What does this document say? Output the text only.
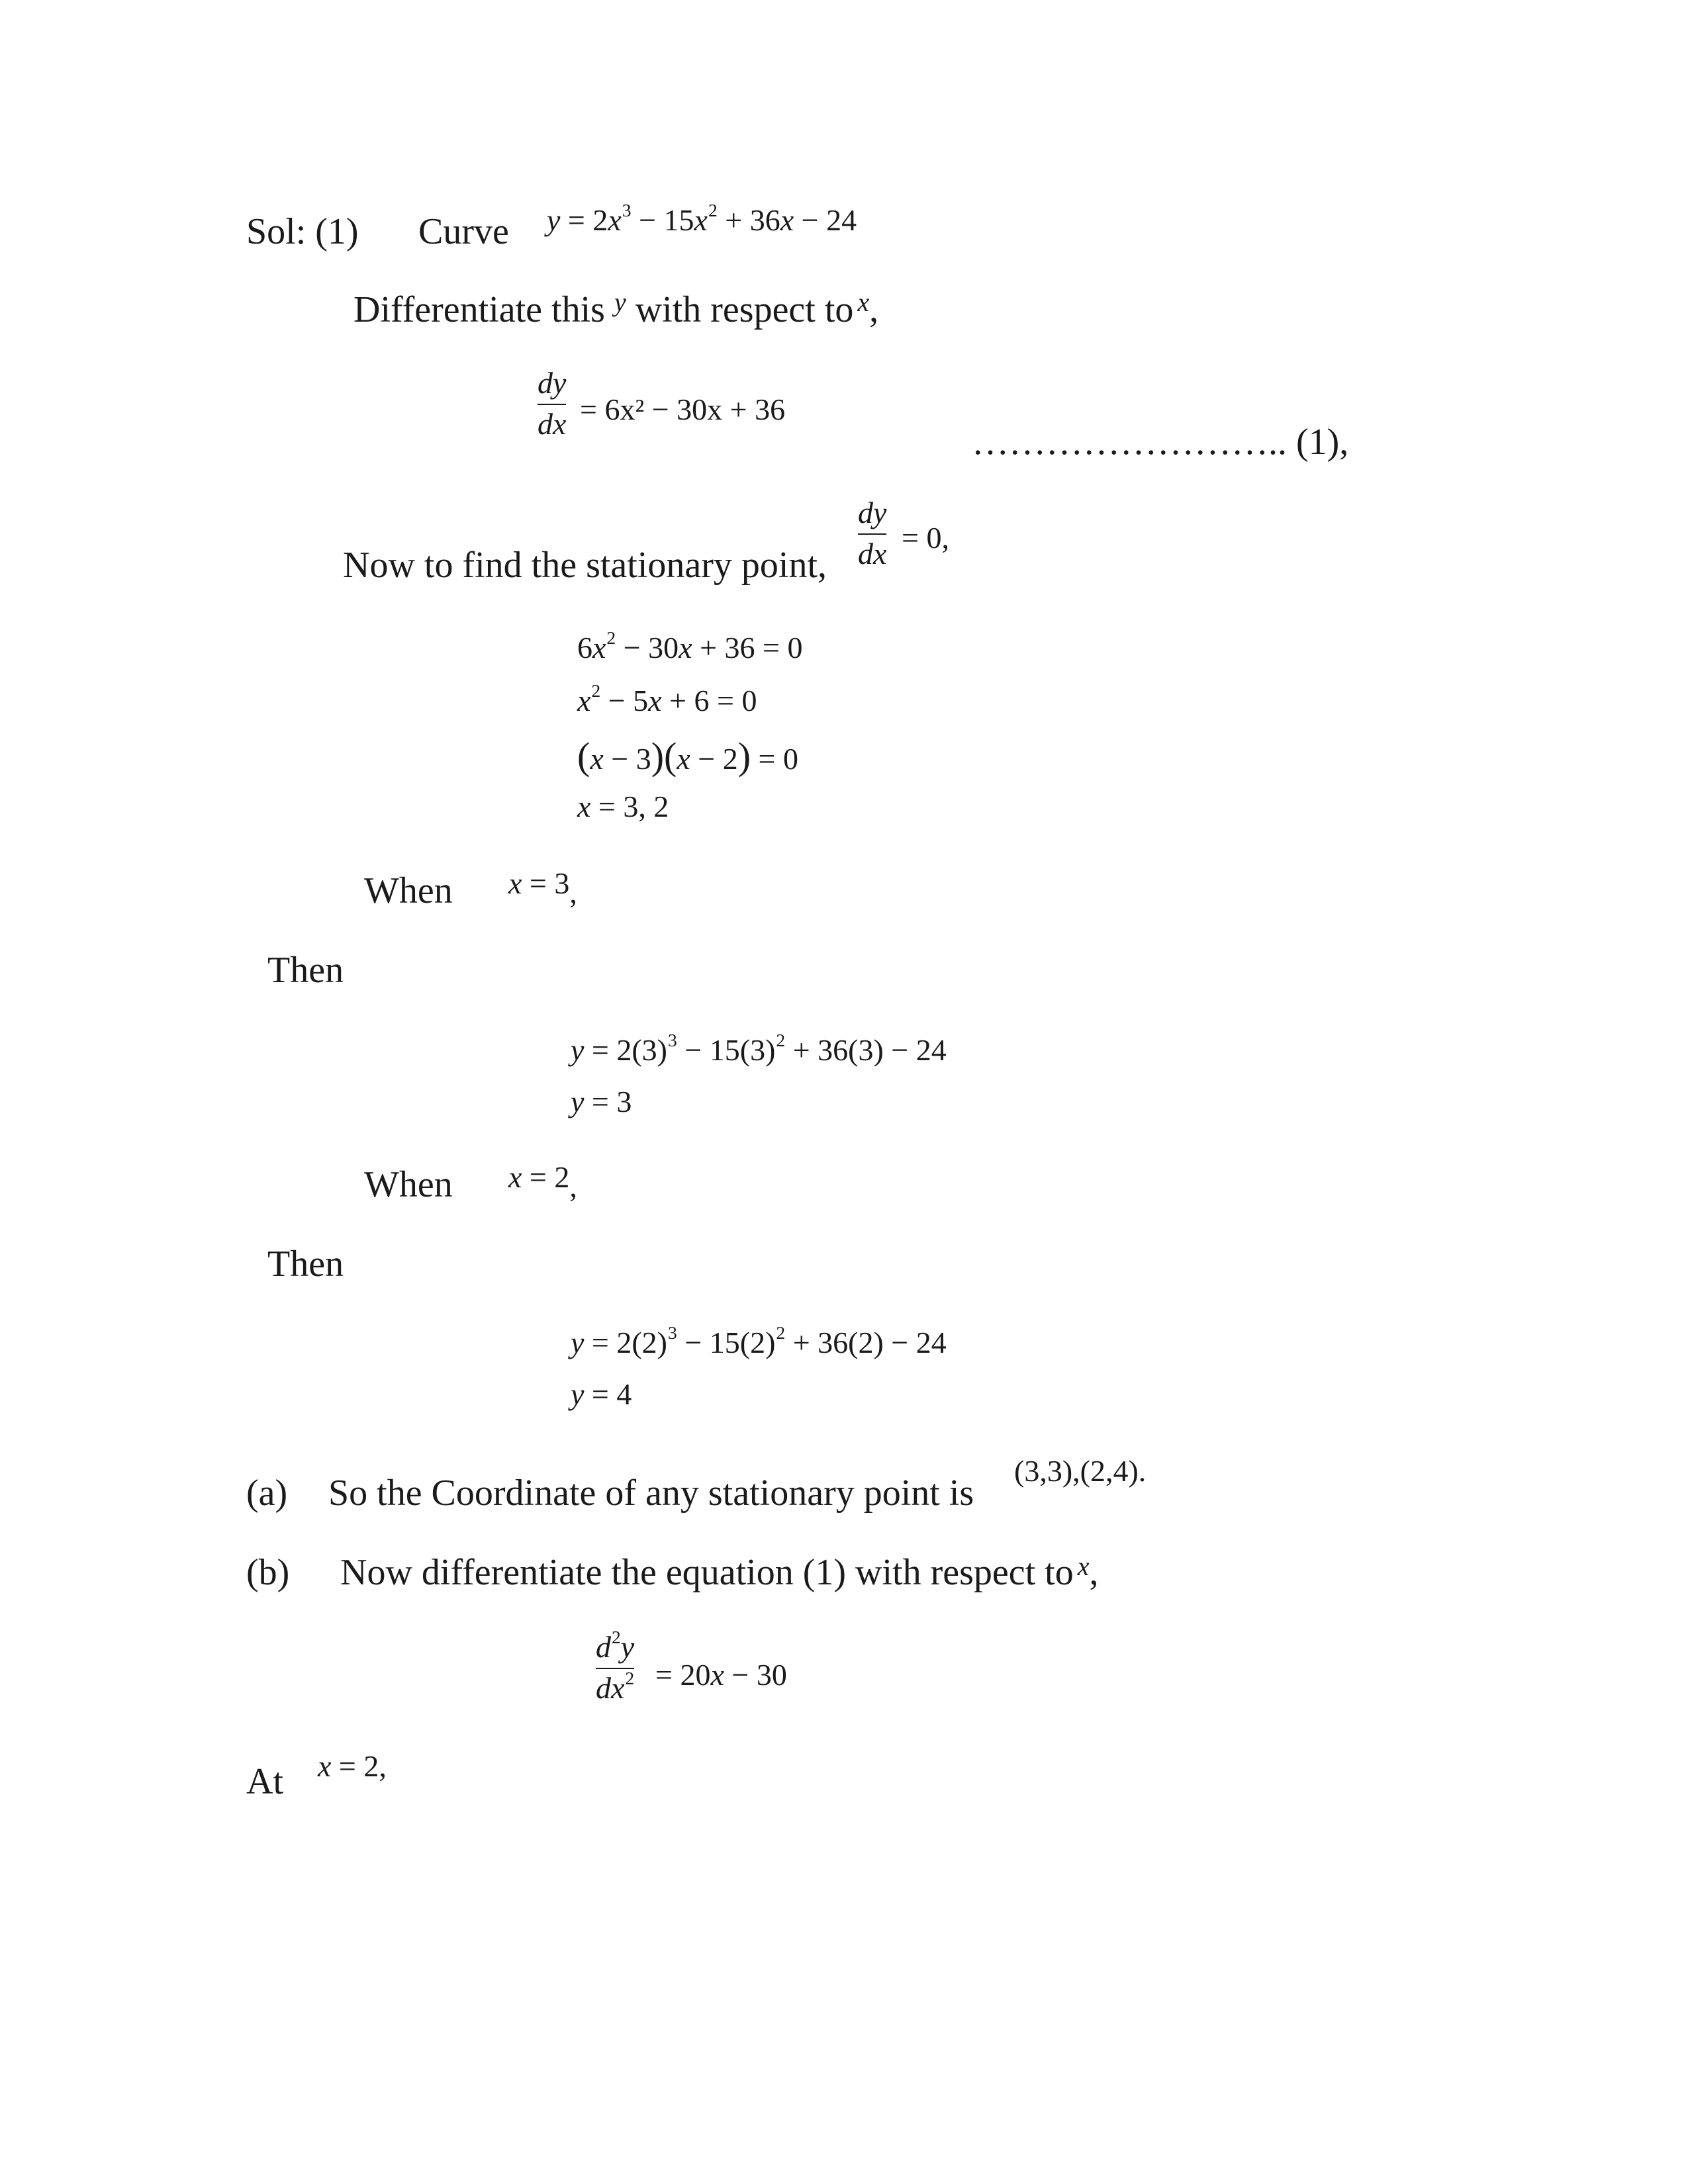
Sol: (1) Curve $y = 2x^3 - 15x^2 + 36x - 24$
Differentiate this $^y$ with respect to $^x$,
dy
dx = 6x² − 30x + 36
…………………….. (1),
Now to find the stationary point,
dy
dx = 0,
$6x^2 - 30x + 36 = 0$
$x^2 - 5x + 6 = 0$
(x − 3)(x − 2) = 0
x = 3, 2
When x = 3,
Then
$y = 2(3)^3 - 15(3)^2 + 36(3) - 24$
y = 3
When x = 2,
Then
$y = 2(2)^3 - 15(2)^2 + 36(2) - 24$
y = 4
(a) So the Coordinate of any stationary point is
(3,3),(2,4).
(b) Now differentiate the equation (1) with respect to $^x$,
$d^2y$
$dx^2 = 20x - 30$
At x = 2,
